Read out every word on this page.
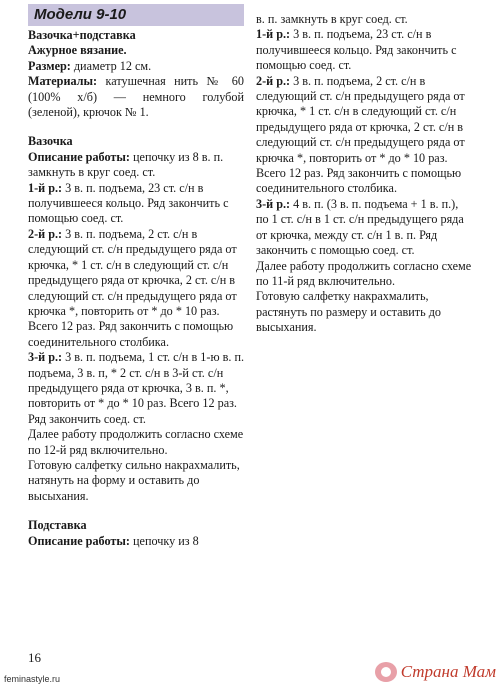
Модели 9-10

Вазочка+подставка

Ажурное вязание.

Размер: диаметр 12 см.

Материалы: катушечная нить № 60 (100% х/б) — немного голубой (зеленой), крючок № 1.

Вазочка

Описание работы: цепочку из 8 в. п. замкнуть в круг соед. ст.

1-й р.: 3 в. п. подъема, 23 ст. с/н в получившееся кольцо. Ряд закончить с помощью соед. ст.

2-й р.: 3 в. п. подъема, 2 ст. с/н в следующий ст. с/н предыдущего ряда от крючка, * 1 ст. с/н в следующий ст. с/н предыдущего ряда от крючка, 2 ст. с/н в следующий ст. с/н предыдущего ряда от крючка *, повторить от * до * 10 раз. Всего 12 раз. Ряд закончить с помощью соединительного столбика.

3-й р.: 3 в. п. подъема, 1 ст. с/н в 1-ю в. п. подъема, 3 в. п, * 2 ст. с/н в 3-й ст. с/н предыдущего ряда от крючка, 3 в. п. *, повторить от * до * 10 раз. Всего 12 раз. Ряд закончить соед. ст.

Далее работу продолжить согласно схеме по 12-й ряд включительно.

Готовую салфетку сильно накрахмалить, натянуть на форму и оставить до высыхания.

Подставка

Описание работы: цепочку из 8

в. п. замкнуть в круг соед. ст.

1-й р.: 3 в. п. подъема, 23 ст. с/н в получившееся кольцо. Ряд закончить с помощью соед. ст.

2-й р.: 3 в. п. подъема, 2 ст. с/н в следующий ст. с/н предыдущего ряда от крючка, * 1 ст. с/н в следующий ст. с/н предыдущего ряда от крючка, 2 ст. с/н в следующий ст. с/н предыдущего ряда от крючка *, повторить от * до * 10 раз. Всего 12 раз. Ряд закончить с помощью соединительного столбика.

3-й р.: 4 в. п. (3 в. п. подъема + 1 в. п.), по 1 ст. с/н в 1 ст. с/н предыдущего ряда от крючка, между ст. с/н 1 в. п. Ряд закончить с помощью соед. ст.

Далее работу продолжить согласно схеме по 11-й ряд включительно.

Готовую салфетку накрахмалить, растянуть по размеру и оставить до высыхания.

16
feminastyle.ru	Страна Мам
